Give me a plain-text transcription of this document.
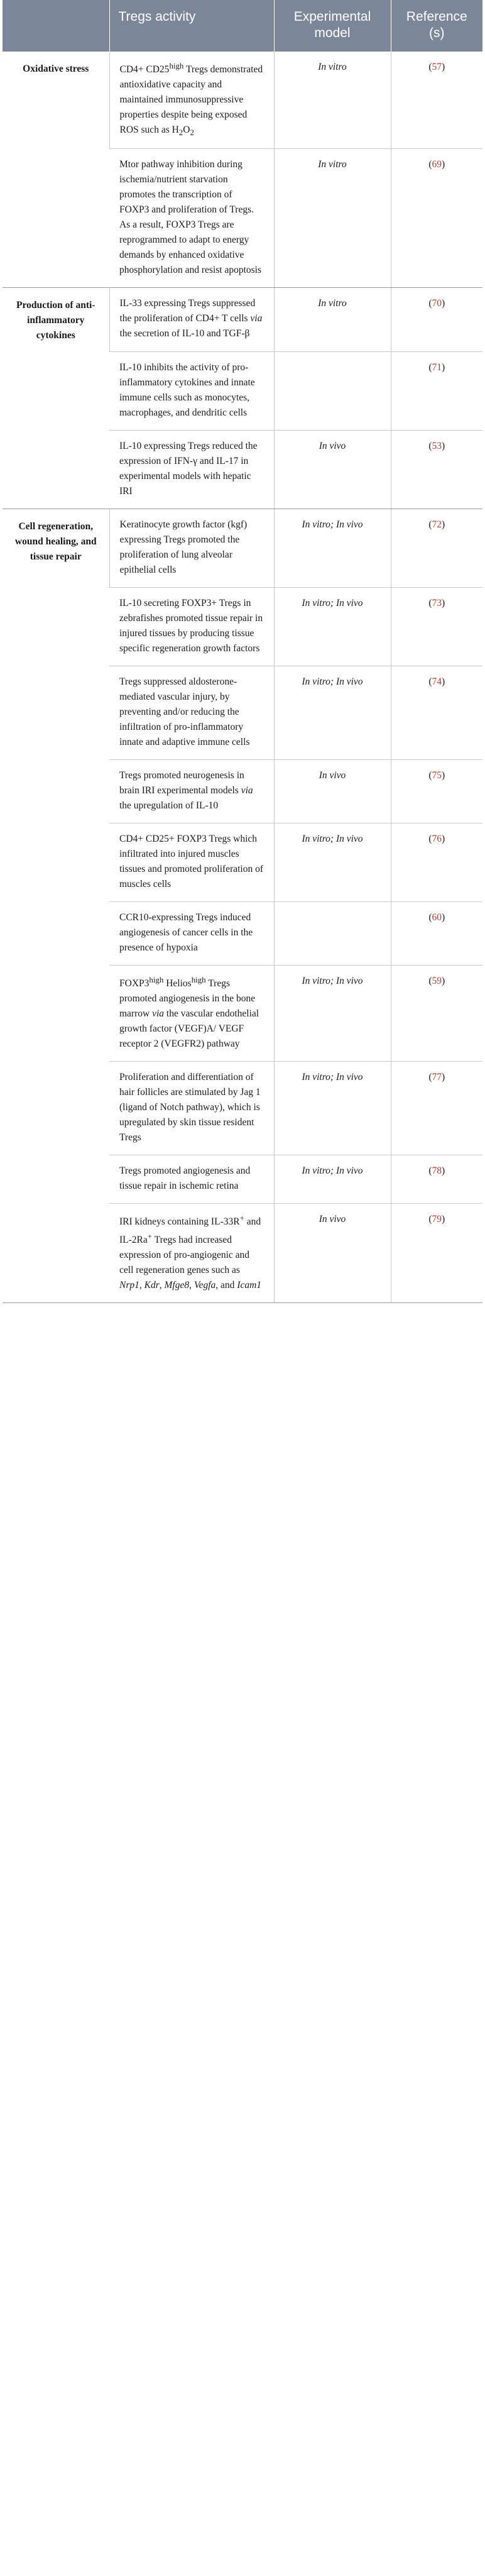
	Tregs activity	Experimental model	Reference (s)
Oxidative stress	$CD4+ CD25^{high}$ Tregs demonstrated antioxidative capacity and maintained immunosuppressive properties despite being exposed ROS such as $H_2O_2$	In vitro	(57)
	Mtor pathway inhibition during ischemia/nutrient starvation promotes the transcription of FOXP3 and proliferation of Tregs. As a result, FOXP3 Tregs are reprogrammed to adapt to energy demands by enhanced oxidative phosphorylation and resist apoptosis	In vitro	(69)
Production of anti-inflammatory cytokines	IL-33 expressing Tregs suppressed the proliferation of CD4+ T cells via the secretion of IL-10 and TGF-β	In vitro	(70)
	IL-10 inhibits the activity of pro-inflammatory cytokines and innate immune cells such as monocytes, macrophages, and dendritic cells		(71)
	IL-10 expressing Tregs reduced the expression of IFN-γ and IL-17 in experimental models with hepatic IRI	In vivo	(53)
Cell regeneration, wound healing, and tissue repair	Keratinocyte growth factor (kgf) expressing Tregs promoted the proliferation of lung alveolar epithelial cells	In vitro; In vivo	(72)
	IL-10 secreting FOXP3+ Tregs in zebrafishes promoted tissue repair in injured tissues by producing tissue specific regeneration growth factors	In vitro; In vivo	(73)
	Tregs suppressed aldosterone-mediated vascular injury, by preventing and/or reducing the infiltration of pro-inflammatory innate and adaptive immune cells	In vitro; In vivo	(74)
	Tregs promoted neurogenesis in brain IRI experimental models via the upregulation of IL-10	In vivo	(75)
	CD4+ CD25+ FOXP3 Tregs which infiltrated into injured muscles tissues and promoted proliferation of muscles cells	In vitro; In vivo	(76)
	CCR10-expressing Tregs induced angiogenesis of cancer cells in the presence of hypoxia		(60)
	$FOXP3^{high}$ Helios$^{high}$ Tregs promoted angiogenesis in the bone marrow via the vascular endothelial growth factor (VEGF)A/ VEGF receptor 2 (VEGFR2) pathway	In vitro; In vivo	(59)
	Proliferation and differentiation of hair follicles are stimulated by Jag 1 (ligand of Notch pathway), which is upregulated by skin tissue resident Tregs	In vitro; In vivo	(77)
	Tregs promoted angiogenesis and tissue repair in ischemic retina	In vitro; In vivo	(78)
	IRI kidneys containing IL-33R+ and IL-2Ra+ Tregs had increased expression of pro-angiogenic and cell regeneration genes such as Nrp1, Kdr, Mfge8, Vegfa, and Icam1	In vivo	(79)
